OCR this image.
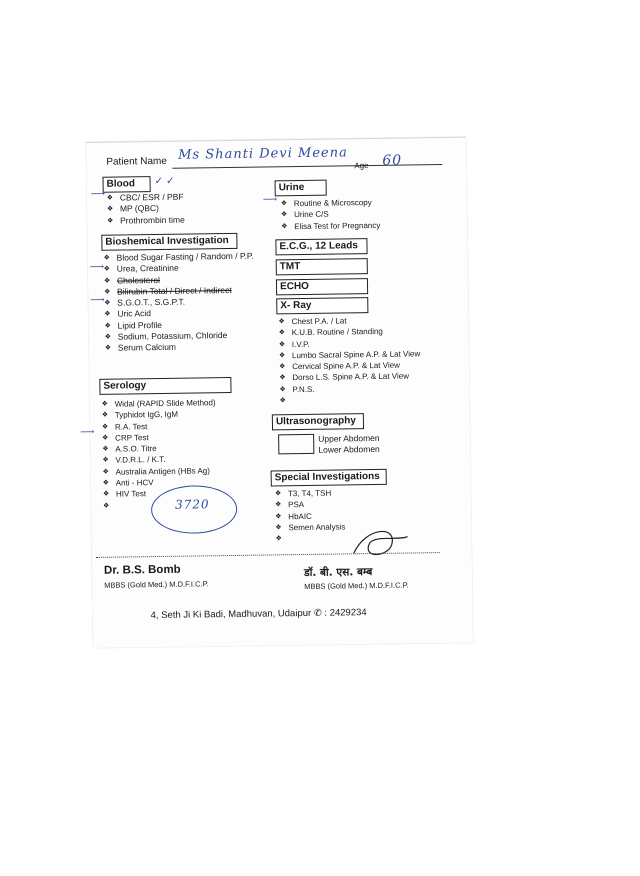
Patient Name Ms Shanti Devi Meena
Age 60
Blood	✓ ✓
❖ CBC/ ESR / PBF
❖ MP (QBC)
❖ Prothrombin time
⟶
Bioshemical Investigation
❖ Blood Sugar Fasting / Random / P.P.
❖ Urea, Creatinine
❖ Cholesterol
❖ Bilirubin Total / Direct / Indirect
❖ S.G.O.T., S.G.P.T.
❖ Uric Acid
❖ Lipid Profile
❖ Sodium, Potassium, Chloride
❖ Serum Calcium
⟶
⟶
Serology
❖ Widal (RAPID Slide Method)
❖ Typhidot IgG, IgM
❖ R.A. Test
❖ CRP Test
❖ A.S.O. Titre
❖ V.D.R.L. / K.T.
❖ Australia Antigen (HBs Ag)
❖ Anti - HCV
❖ HIV Test
❖
⟶
3720
Urine
❖ Routine & Microscopy
❖ Urine C/S
❖ Elisa Test for Pregnancy
⟶
E.C.G., 12 Leads
TMT
ECHO
X- Ray
❖ Chest P.A. / Lat
❖ K.U.B. Routine / Standing
❖ I.V.P.
❖ Lumbo Sacral Spine A.P. & Lat View
❖ Cervical Spine A.P. & Lat View
❖ Dorso L.S. Spine A.P. & Lat View
❖ P.N.S.
❖
Ultrasonography
Upper Abdomen
Lower Abdomen
Special Investigations
❖ T3, T4, TSH
❖ PSA
❖ HbAIC
❖ Semen Analysis
❖
Dr. B.S. Bomb
MBBS (Gold Med.) M.D.F.I.C.P.
डॉ. बी. एस. बम्ब
MBBS (Gold Med.) M.D.F.I.C.P.
4, Seth Ji Ki Badi, Madhuvan, Udaipur ✆ : 2429234
